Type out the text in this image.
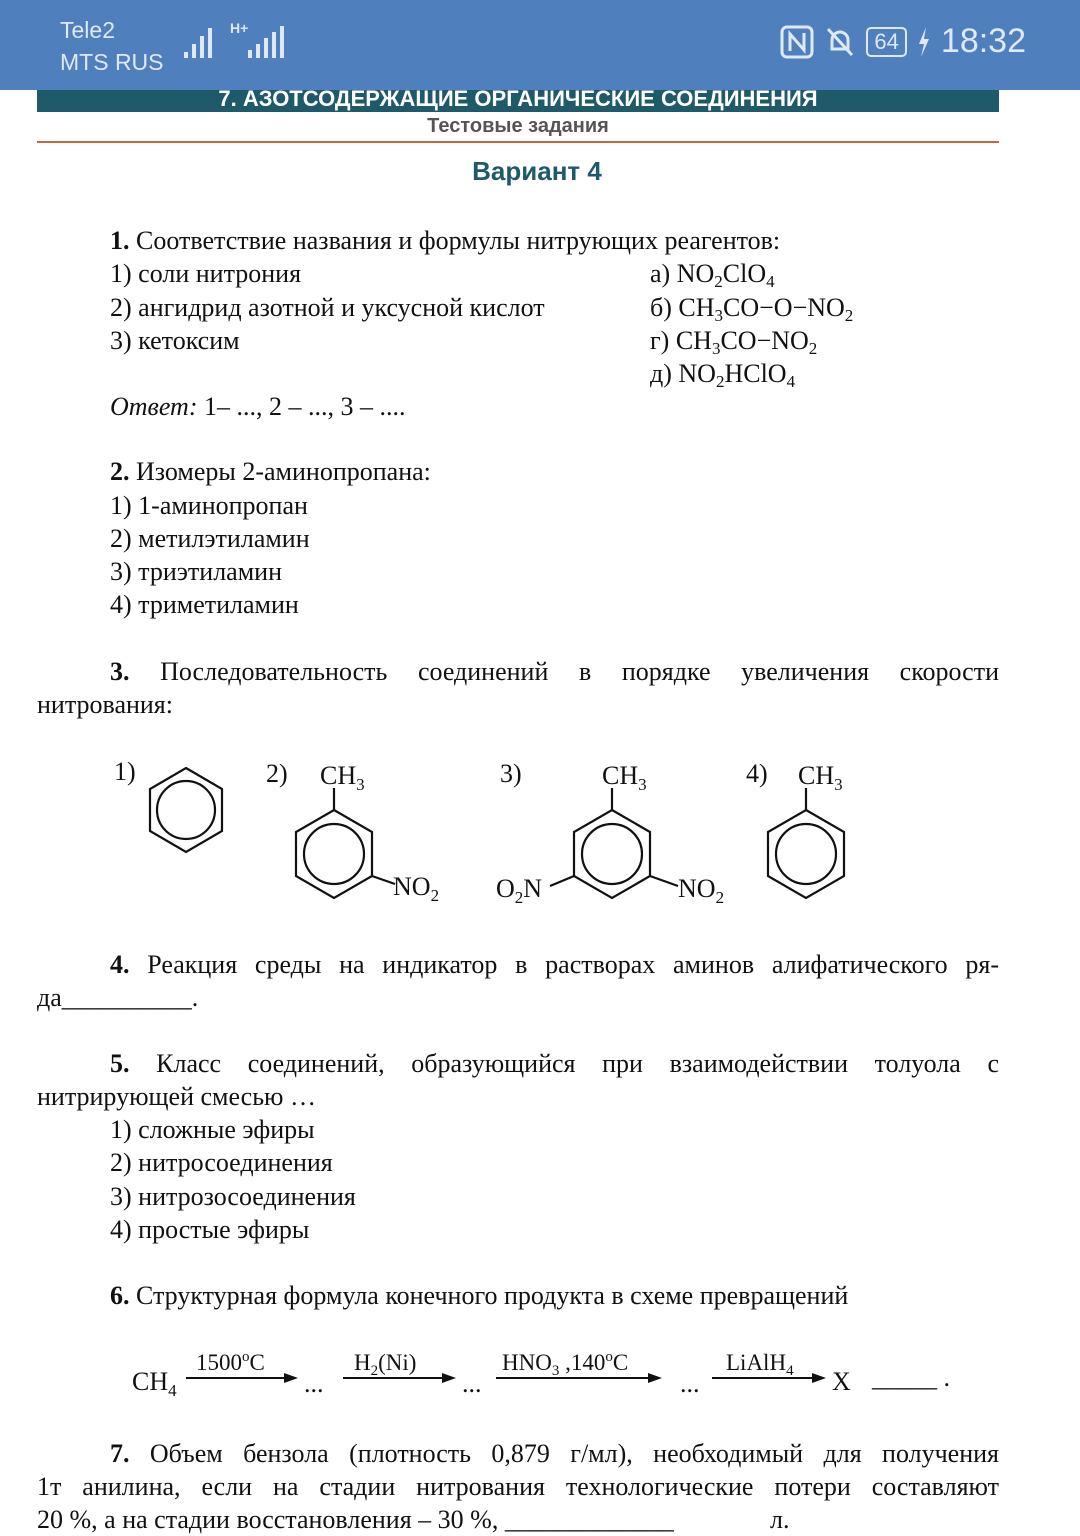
Tele2
MTS RUS
H+
64 18:32
7. АЗОТСОДЕРЖАЩИЕ ОРГАНИЧЕСКИЕ СОЕДИНЕНИЯ
Тестовые задания
Вариант 4
1. Соответствие названия и формулы нитрующих реагентов:
1) соли нитрония
2) ангидрид азотной и уксусной кислот
3) кетоксим
а) $NO_2ClO_4$
б) $CH_3CO-O-NO_2$
г) $CH_3CO-NO_2$
д) $NO_2HClO_4$
Ответ: 1– ..., 2 – ..., 3 – ....
2. Изомеры 2-аминопропана:
1) 1-аминопропан
2) метилэтиламин
3) триэтиламин
4) триметиламин
3. Последовательность соединений в порядке увеличения скорости
нитрования:
1)	2)	3)	4)
$CH_3$
$NO_2$
$CH_3$
$NO_2$
$O_2N$
$CH_3$
4. Реакция среды на индикатор в растворах аминов алифатического ря-
да__________.
5. Класс соединений, образующийся при взаимодействии толуола с
нитрирующей смесью …
1) сложные эфиры
2) нитросоединения
3) нитрозосоединения
4) простые эфиры
6. Структурная формула конечного продукта в схеме превращений
$CH_4$
1500$^o$C	$H_2(Ni)$	$HNO_3$ ,140$^o$C	LiAlH$_4$
...	...	...	X _____ .
7. Объем бензола (плотность 0,879 г/мл), необходимый для получения
1т анилина, если на стадии нитрования технологические потери составляют
20 %, а на стадии восстановления – 30 %, _____________	л.
